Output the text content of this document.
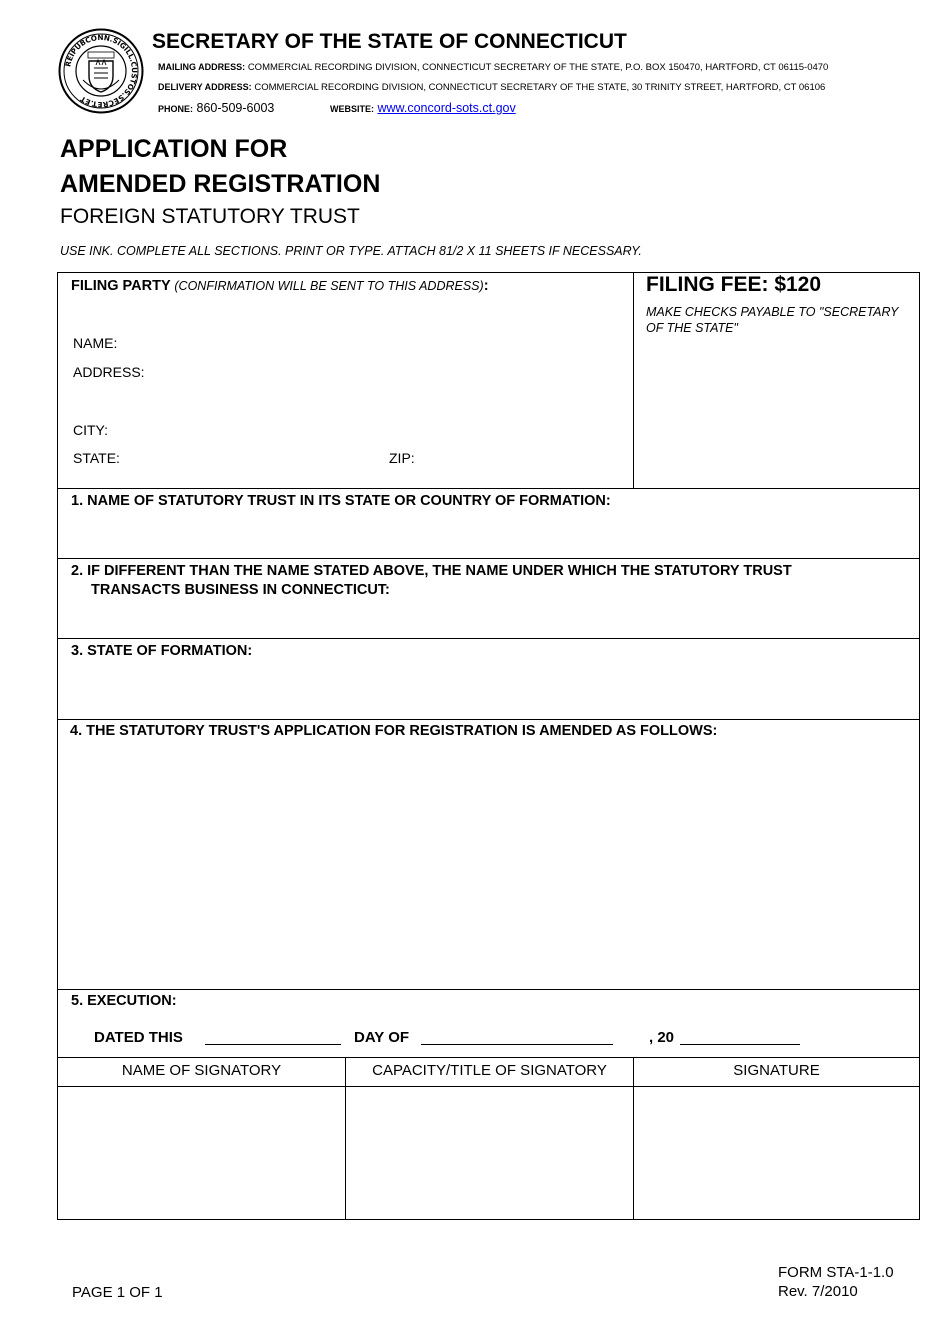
REIPUBCONN.SIGILL.CUSTOS.SECRET.ET
SECRETARY OF THE STATE OF CONNECTICUT
MAILING ADDRESS: COMMERCIAL RECORDING DIVISION, CONNECTICUT SECRETARY OF THE STATE, P.O. BOX 150470, HARTFORD, CT 06115-0470
DELIVERY ADDRESS: COMMERCIAL RECORDING DIVISION, CONNECTICUT SECRETARY OF THE STATE, 30 TRINITY STREET, HARTFORD, CT 06106
PHONE: 860-509-6003	WEBSITE: www.concord-sots.ct.gov
APPLICATION FOR
AMENDED REGISTRATION
FOREIGN STATUTORY TRUST
USE INK. COMPLETE ALL SECTIONS. PRINT OR TYPE. ATTACH 81/2 X 11 SHEETS IF NECESSARY.
FILING PARTY (CONFIRMATION WILL BE SENT TO THIS ADDRESS):
NAME:
ADDRESS:
CITY:
STATE:	ZIP:
FILING FEE: $120
MAKE CHECKS PAYABLE TO "SECRETARY OF THE STATE"
1. NAME OF STATUTORY TRUST IN ITS STATE OR COUNTRY OF FORMATION:
2. IF DIFFERENT THAN THE NAME STATED ABOVE, THE NAME UNDER WHICH THE STATUTORY TRUST
TRANSACTS BUSINESS IN CONNECTICUT:
3. STATE OF FORMATION:
4. THE STATUTORY TRUST'S APPLICATION FOR REGISTRATION IS AMENDED AS FOLLOWS:
5. EXECUTION:
DATED THIS	DAY OF	, 20
NAME OF SIGNATORY	CAPACITY/TITLE OF SIGNATORY	SIGNATURE
PAGE 1 OF 1
FORM STA-1-1.0
Rev. 7/2010
